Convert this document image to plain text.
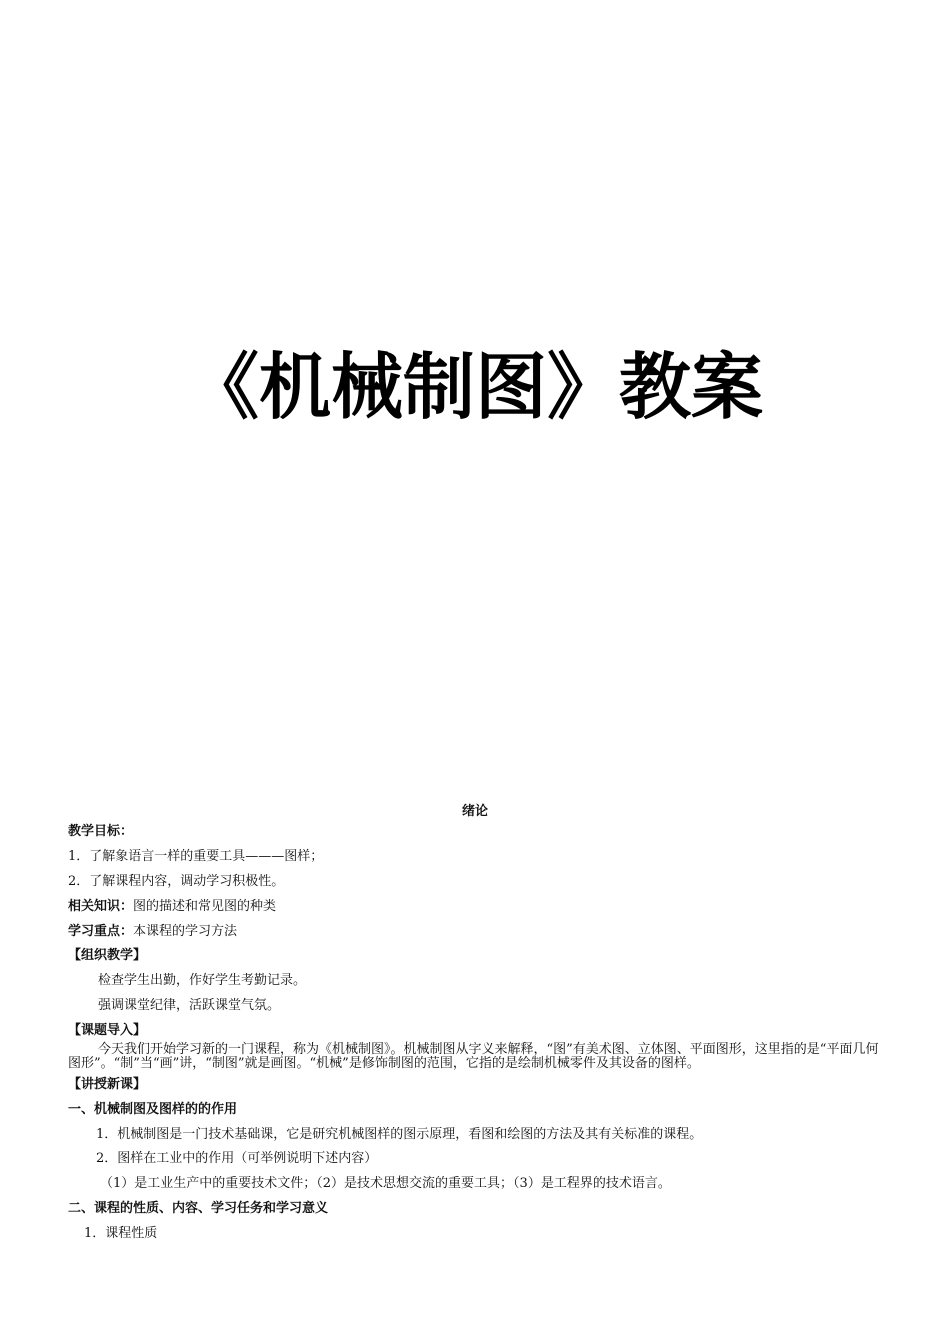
《机械制图》教案
绪论
教学目标：
1．了解象语言一样的重要工具———图样；
2．了解课程内容，调动学习积极性。
相关知识：图的描述和常见图的种类
学习重点：本课程的学习方法
【组织教学】
检查学生出勤，作好学生考勤记录。
强调课堂纪律，活跃课堂气氛。
【课题导入】
今天我们开始学习新的一门课程，称为《机械制图》。机械制图从字义来解释，“图”有美术图、立体图、平面图形，这里指的是“平面几何图形”。“制”当“画”讲，“制图”就是画图。“机械”是修饰制图的范围，它指的是绘制机械零件及其设备的图样。
【讲授新课】
一、机械制图及图样的的作用
1．机械制图是一门技术基础课，它是研究机械图样的图示原理，看图和绘图的方法及其有关标准的课程。
2．图样在工业中的作用（可举例说明下述内容）
（1）是工业生产中的重要技术文件；（2）是技术思想交流的重要工具；（3）是工程界的技术语言。
二、课程的性质、内容、学习任务和学习意义
1．课程性质
